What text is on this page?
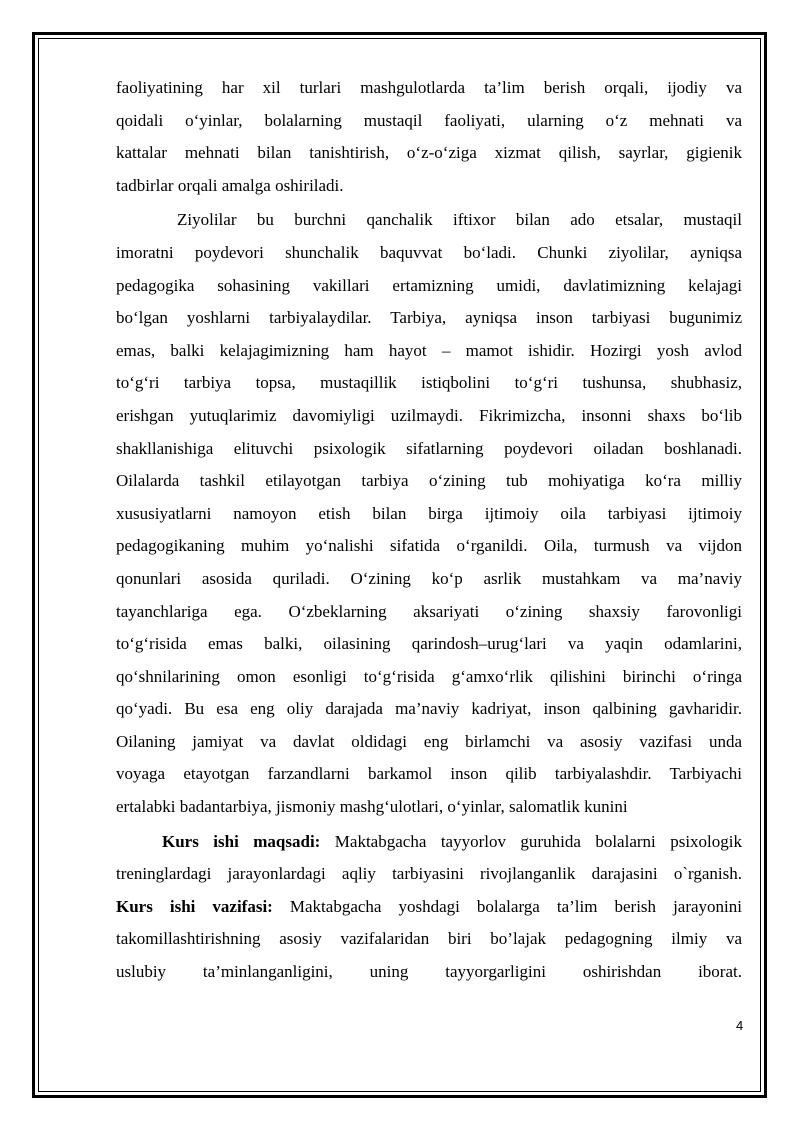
faoliyatining har xil turlari mashgulotlarda ta’lim berish orqali, ijodiy va
qoidali o‘yinlar, bolalarning mustaqil faoliyati, ularning o‘z mehnati va
kattalar mehnati bilan tanishtirish, o‘z-o‘ziga xizmat qilish, sayrlar, gigienik
tadbirlar orqali amalga oshiriladi.
Ziyolilar bu burchni qanchalik iftixor bilan ado etsalar, mustaqil
imoratni poydevori shunchalik baquvvat bo‘ladi. Chunki ziyolilar, ayniqsa
pedagogika sohasining vakillari ertamizning umidi, davlatimizning kelajagi
bo‘lgan yoshlarni tarbiyalaydilar. Tarbiya, ayniqsa inson tarbiyasi bugunimiz
emas, balki kelajagimizning ham hayot – mamot ishidir. Hozirgi yosh avlod
to‘g‘ri tarbiya topsa, mustaqillik istiqbolini to‘g‘ri tushunsa, shubhasiz,
erishgan yutuqlarimiz davomiyligi uzilmaydi. Fikrimizcha, insonni shaxs bo‘lib
shakllanishiga elituvchi psixologik sifatlarning poydevori oiladan boshlanadi.
Oilalarda tashkil etilayotgan tarbiya o‘zining tub mohiyatiga ko‘ra milliy
xususiyatlarni namoyon etish bilan birga ijtimoiy oila tarbiyasi ijtimoiy
pedagogikaning muhim yo‘nalishi sifatida o‘rganildi. Oila, turmush va vijdon
qonunlari asosida quriladi. O‘zining ko‘p asrlik mustahkam va ma’naviy
tayanchlariga ega. O‘zbeklarning aksariyati o‘zining shaxsiy farovonligi
to‘g‘risida emas balki, oilasining qarindosh–urug‘lari va yaqin odamlarini,
qo‘shnilarining omon esonligi to‘g‘risida g‘amxo‘rlik qilishini birinchi o‘ringa
qo‘yadi. Bu esa eng oliy darajada ma’naviy kadriyat, inson qalbining gavharidir.
Oilaning jamiyat va davlat oldidagi eng birlamchi va asosiy vazifasi unda
voyaga etayotgan farzandlarni barkamol inson qilib tarbiyalashdir. Tarbiyachi
ertalabki badantarbiya, jismoniy mashg‘ulotlari, o‘yinlar, salomatlik kunini
Kurs ishi maqsadi: Maktabgacha tayyorlov guruhida bolalarni psixologik
treninglardagi jarayonlardagi aqliy tarbiyasini rivojlanganlik darajasini o`rganish.
Kurs ishi vazifasi: Maktabgacha yoshdagi bolalarga ta’lim berish jarayonini
takomillashtirishning asosiy vazifalaridan biri bo’lajak pedagogning ilmiy va
uslubiy ta’minlanganligini, uning tayyorgarligini oshirishdan iborat.
4
